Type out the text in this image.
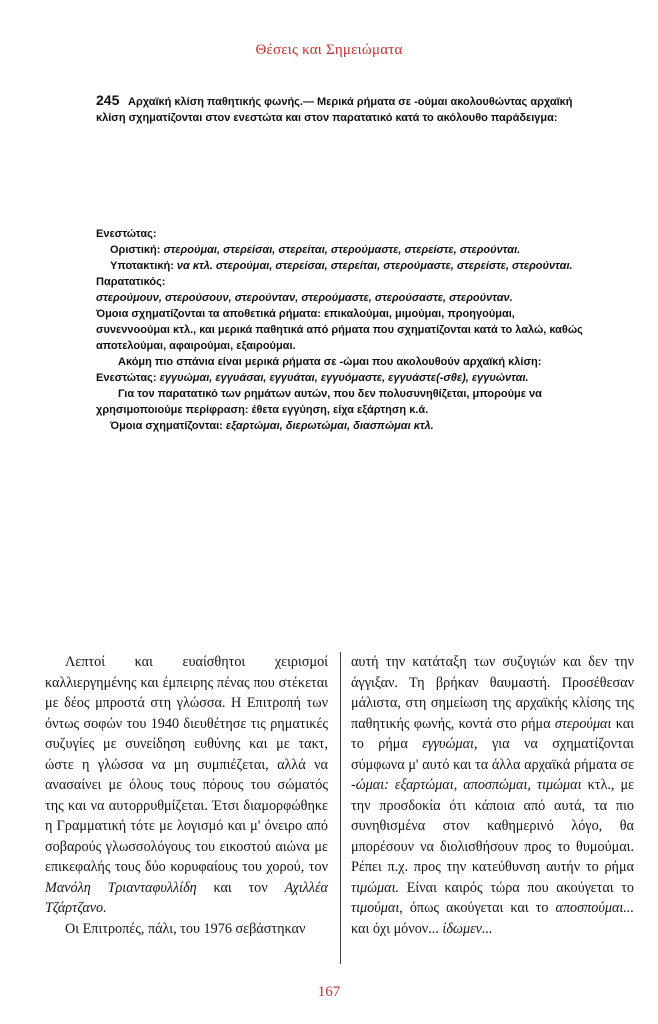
Θέσεις και Σημειώματα

245 Αρχαϊκή κλίση παθητικής φωνής.— Μερικά ρήματα σε -ούμαι ακολουθώντας αρχαϊκή κλίση σχηματίζονται στον ενεστώτα και στον παρατατικό κατά το ακόλουθο παράδειγμα:

Ενεστώτας:

Οριστική: στερούμαι, στερείσαι, στερείται, στερούμαστε, στερείστε, στερούνται.

Υποτακτική: να κτλ. στερούμαι, στερείσαι, στερείται, στερούμαστε, στερείστε, στερούνται.

Παρατατικός:

στερούμουν, στερούσουν, στερούνταν, στερούμαστε, στερούσαστε, στερούνταν.

Όμοια σχηματίζονται τα αποθετικά ρήματα: επικαλούμαι, μιμούμαι, προηγούμαι, συνεννοούμαι κτλ., και μερικά παθητικά από ρήματα που σχηματίζονται κατά το λαλώ, καθώς αποτελούμαι, αφαιρούμαι, εξαιρούμαι.

Ακόμη πιο σπάνια είναι μερικά ρήματα σε -ώμαι που ακολουθούν αρχαϊκή κλίση:

Ενεστώτας: εγγυώμαι, εγγυάσαι, εγγυάται, εγγυόμαστε, εγγυάστε(-σθε), εγγυώνται.

Για τον παρατατικό των ρημάτων αυτών, που δεν πολυσυνηθίζεται, μπορούμε να χρησιμοποιούμε περίφραση: έθετα εγγύηση, είχα εξάρτηση κ.ά.

Όμοια σχηματίζονται: εξαρτώμαι, διερωτώμαι, διασπώμαι κτλ.

Λεπτοί και ευαίσθητοι χειρισμοί καλλιεργημένης και έμπειρης πένας που στέκεται με δέος μπροστά στη γλώσσα. Η Επιτροπή των όντως σοφών του 1940 διευθέτησε τις ρηματικές συζυγίες με συνείδηση ευθύνης και με τακτ, ώστε η γλώσσα να μη συμπιέζεται, αλλά να ανασαίνει με όλους τους πόρους του σώματός της και να αυτορρυθμίζεται. Έτσι διαμορφώθηκε η Γραμματική τότε με λογισμό και μ' όνειρο από σοβαρούς γλωσσολόγους του εικοστού αιώνα με επικεφαλής τους δύο κορυφαίους του χορού, τον Μανόλη Τριανταφυλλίδη και τον Αχιλλέα Τζάρτζανο.

Οι Επιτροπές, πάλι, του 1976 σεβάστηκαν

αυτή την κατάταξη των συζυγιών και δεν την άγγιξαν. Τη βρήκαν θαυμαστή. Προσέθεσαν μάλιστα, στη σημείωση της αρχαϊκής κλίσης της παθητικής φωνής, κοντά στο ρήμα στερούμαι και το ρήμα εγγυώμαι, για να σχηματίζονται σύμφωνα μ' αυτό και τα άλλα αρχαϊκά ρήματα σε -ώμαι: εξαρτώμαι, αποσπώμαι, τιμώμαι κτλ., με την προσδοκία ότι κάποια από αυτά, τα πιο συνηθισμένα στον καθημερινό λόγο, θα μπορέσουν να διολισθήσουν προς το θυμούμαι. Ρέπει π.χ. προς την κατεύθυνση αυτήν το ρήμα τιμώμαι. Είναι καιρός τώρα που ακούγεται το τιμούμαι, όπως ακούγεται και το αποσπούμαι... και όχι μόνον... ίδωμεν...

167
